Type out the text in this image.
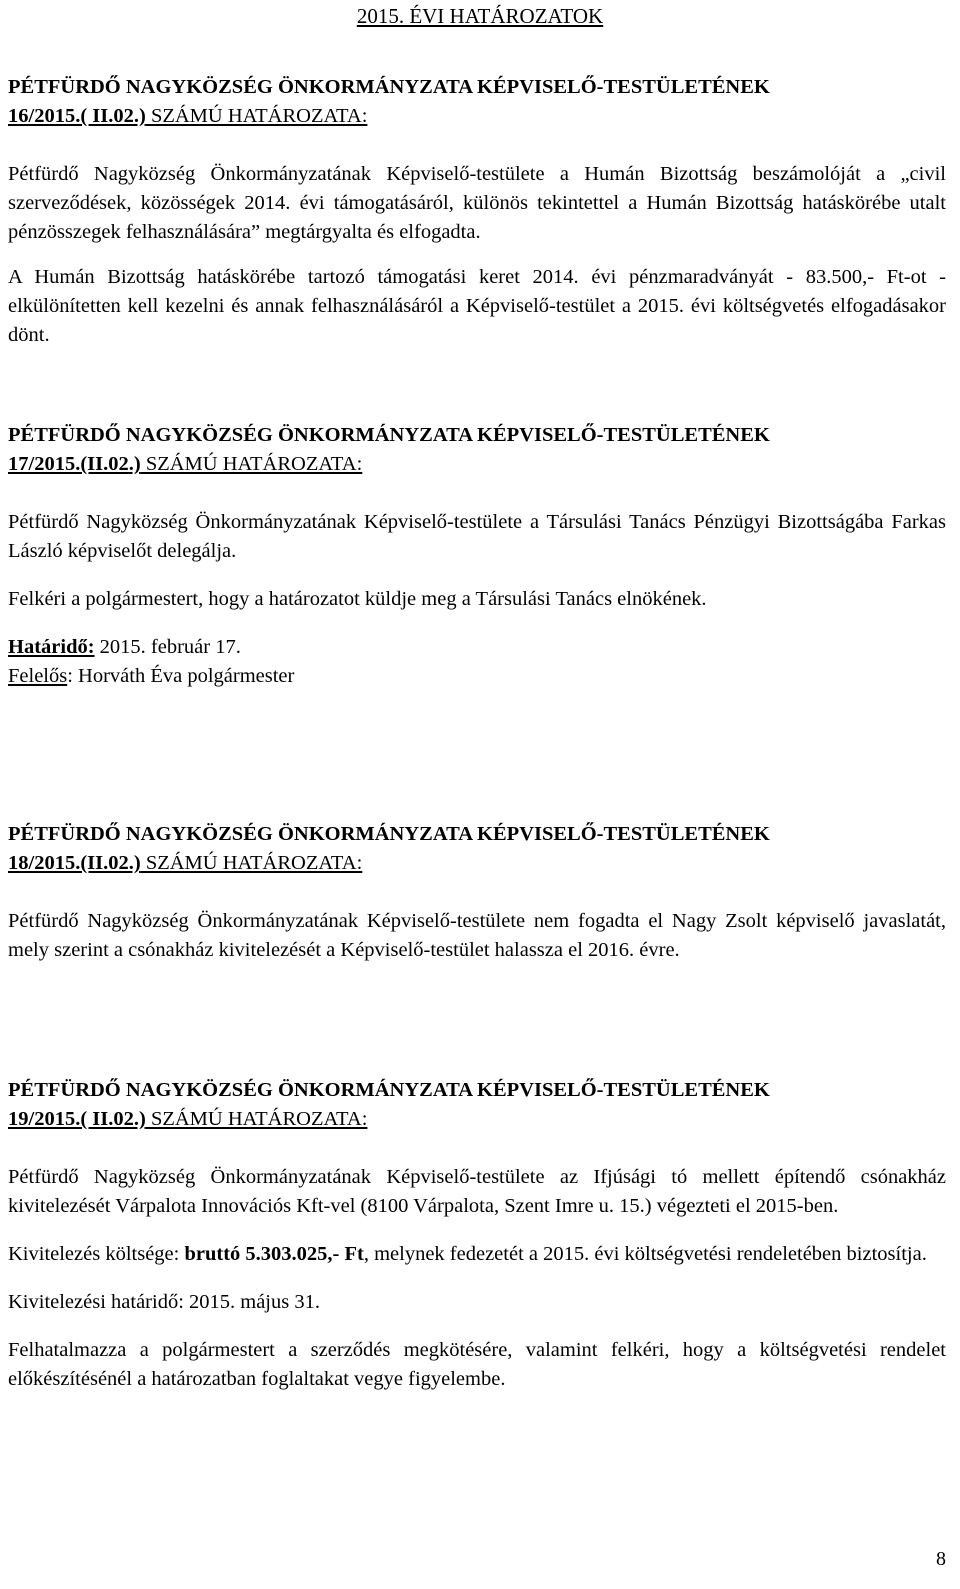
2015. ÉVI HATÁROZATOK
PÉTFÜRDŐ NAGYKÖZSÉG ÖNKORMÁNYZATA KÉPVISELŐ-TESTÜLETÉNEK
16/2015.( II.02.) SZÁMÚ HATÁROZATA:

Pétfürdő Nagyközség Önkormányzatának Képviselő-testülete a Humán Bizottság beszámolóját a „civil szerveződések, közösségek 2014. évi támogatásáról, különös tekintettel a Humán Bizottság hatáskörébe utalt pénzösszegek felhasználására” megtárgyalta és elfogadta.

A Humán Bizottság hatáskörébe tartozó támogatási keret 2014. évi pénzmaradványát - 83.500,- Ft-ot - elkülönítetten kell kezelni és annak felhasználásáról a Képviselő-testület a 2015. évi költségvetés elfogadásakor dönt.

PÉTFÜRDŐ NAGYKÖZSÉG ÖNKORMÁNYZATA KÉPVISELŐ-TESTÜLETÉNEK
17/2015.(II.02.) SZÁMÚ HATÁROZATA:

Pétfürdő Nagyközség Önkormányzatának Képviselő-testülete a Társulási Tanács Pénzügyi Bizottságába Farkas László képviselőt delegálja.

Felkéri a polgármestert, hogy a határozatot küldje meg a Társulási Tanács elnökének.

Határidő: 2015. február 17.

Felelős: Horváth Éva polgármester

PÉTFÜRDŐ NAGYKÖZSÉG ÖNKORMÁNYZATA KÉPVISELŐ-TESTÜLETÉNEK
18/2015.(II.02.) SZÁMÚ HATÁROZATA:

Pétfürdő Nagyközség Önkormányzatának Képviselő-testülete nem fogadta el Nagy Zsolt képviselő javaslatát, mely szerint a csónakház kivitelezését a Képviselő-testület halassza el 2016. évre.

PÉTFÜRDŐ NAGYKÖZSÉG ÖNKORMÁNYZATA KÉPVISELŐ-TESTÜLETÉNEK
19/2015.( II.02.) SZÁMÚ HATÁROZATA:

Pétfürdő Nagyközség Önkormányzatának Képviselő-testülete az Ifjúsági tó mellett építendő csónakház kivitelezését Várpalota Innovációs Kft-vel (8100 Várpalota, Szent Imre u. 15.) végezteti el 2015-ben.

Kivitelezés költsége: bruttó 5.303.025,- Ft, melynek fedezetét a 2015. évi költségvetési rendeletében biztosítja.

Kivitelezési határidő: 2015. május 31.

Felhatalmazza a polgármestert a szerződés megkötésére, valamint felkéri, hogy a költségvetési rendelet előkészítésénél a határozatban foglaltakat vegye figyelembe.

8
